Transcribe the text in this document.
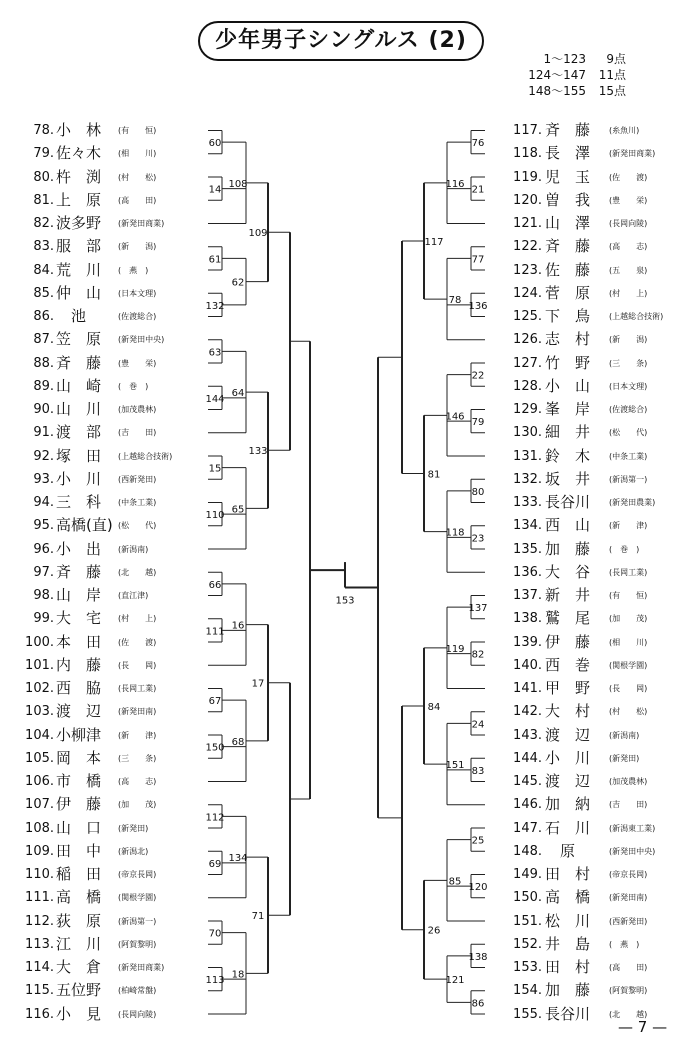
少年男子シングルス (2)
1～123 9点
124～147 11点
148～155 15点
78. 小　林 (有　　恒)
79. 佐々木 (相　　川)
80. 杵　渕 (村　　松)
81. 上　原 (高　　田)
82. 波多野 (新発田商業)
83. 服　部 (新　　潟)
84. 荒　川 (　燕　)
85. 仲　山 (日本文理)
86. 　池　 (佐渡総合)
87. 笠　原 (新発田中央)
88. 斉　藤 (豊　　栄)
89. 山　崎 (　巻　)
90. 山　川 (加茂農林)
91. 渡　部 (吉　　田)
92. 塚　田 (上越総合技術)
93. 小　川 (西新発田)
94. 三　科 (中条工業)
95. 高橋(直) (松　　代)
96. 小　出 (新潟南)
97. 斉　藤 (北　　越)
98. 山　岸 (直江津)
99. 大　宅 (村　　上)
100. 本　田 (佐　　渡)
101. 内　藤 (長　　岡)
102. 西　脇 (長岡工業)
103. 渡　辺 (新発田南)
104. 小柳津 (新　　津)
105. 岡　本 (三　　条)
106. 市　橋 (高　　志)
107. 伊　藤 (加　　茂)
108. 山　口 (新発田)
109. 田　中 (新潟北)
110. 稲　田 (帝京長岡)
111. 高　橋 (関根学園)
112. 荻　原 (新潟第一)
113. 江　川 (阿賀黎明)
114. 大　倉 (新発田商業)
115. 五位野 (柏崎常盤)
116. 小　見 (長岡向陵)
117. 斉　藤 (糸魚川)
118. 長　澤 (新発田商業)
119. 児　玉 (佐　　渡)
120. 曽　我 (豊　　栄)
121. 山　澤 (長岡向陵)
122. 斉　藤 (高　　志)
123. 佐　藤 (五　　泉)
124. 菅　原 (村　　上)
125. 下　鳥 (上越総合技術)
126. 志　村 (新　　潟)
127. 竹　野 (三　　条)
128. 小　山 (日本文理)
129. 峯　岸 (佐渡総合)
130. 細　井 (松　　代)
131. 鈴　木 (中条工業)
132. 坂　井 (新潟第一)
133. 長谷川 (新発田農業)
134. 西　山 (新　　津)
135. 加　藤 (　巻　)
136. 大　谷 (長岡工業)
137. 新　井 (有　　恒)
138. 鷲　尾 (加　　茂)
139. 伊　藤 (相　　川)
140. 西　巻 (関根学園)
141. 甲　野 (長　　岡)
142. 大　村 (村　　松)
143. 渡　辺 (新潟南)
144. 小　川 (新発田)
145. 渡　辺 (加茂農林)
146. 加　納 (吉　　田)
147. 石　川 (新潟東工業)
148. 　原	(新発田中央)
149. 田　村 (帝京長岡)
150. 高　橋 (新発田南)
151. 松　川 (西新発田)
152. 井　島 (　燕　)
153. 田　村 (高　　田)
154. 加　藤 (阿賀黎明)
155. 長谷川 (北　　越)
60
14
108
61
132
62
109
63
144
64
15
110
65
133
66
111
16
67
150
68
17
112
69
134
70
113
18
71
76
21
116
77
136
78
117
22
79
146
80
23
118
81
137
82
119
24
83
151
84
25
120
85
138
86
121
26
153
— 7 —
